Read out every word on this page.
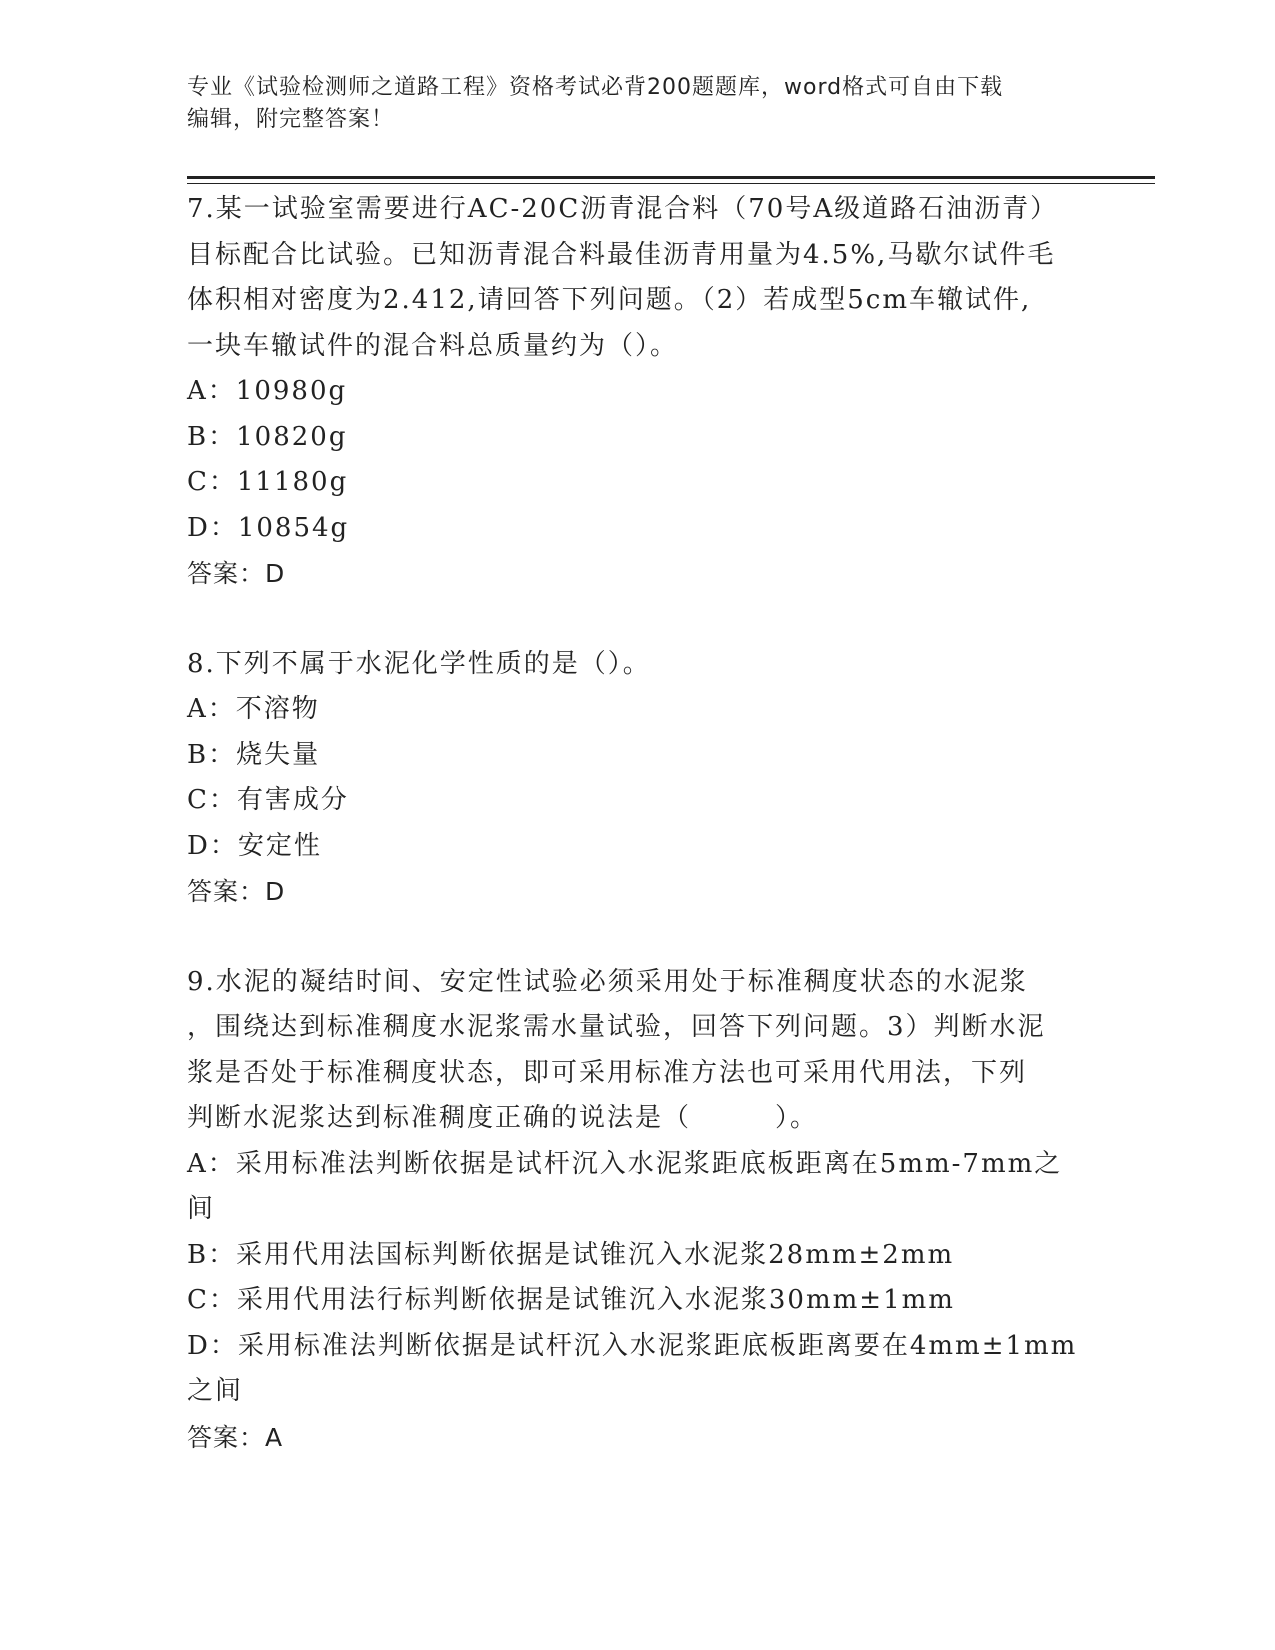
专业《试验检测师之道路工程》资格考试必背200题题库，word格式可自由下载
编辑，附完整答案！
7.某一试验室需要进行AC-20C沥青混合料（70号A级道路石油沥青）
目标配合比试验。已知沥青混合料最佳沥青用量为4.5%,马歇尔试件毛
体积相对密度为2.412,请回答下列问题。（2）若成型5cm车辙试件,
一块车辙试件的混合料总质量约为（）。
A：10980g
B：10820g
C：11180g
D：10854g
答案：D
8.下列不属于水泥化学性质的是（）。
A：不溶物
B：烧失量
C：有害成分
D：安定性
答案：D
9.水泥的凝结时间、安定性试验必须采用处于标准稠度状态的水泥浆
，围绕达到标准稠度水泥浆需水量试验，回答下列问题。3）判断水泥
浆是否处于标准稠度状态，即可采用标准方法也可采用代用法，下列
判断水泥浆达到标准稠度正确的说法是（　　　）。
A：采用标准法判断依据是试杆沉入水泥浆距底板距离在5mm-7mm之间
B：采用代用法国标判断依据是试锥沉入水泥浆28mm±2mm
C：采用代用法行标判断依据是试锥沉入水泥浆30mm±1mm
D：采用标准法判断依据是试杆沉入水泥浆距底板距离要在4mm±1mm
之间
答案：A
